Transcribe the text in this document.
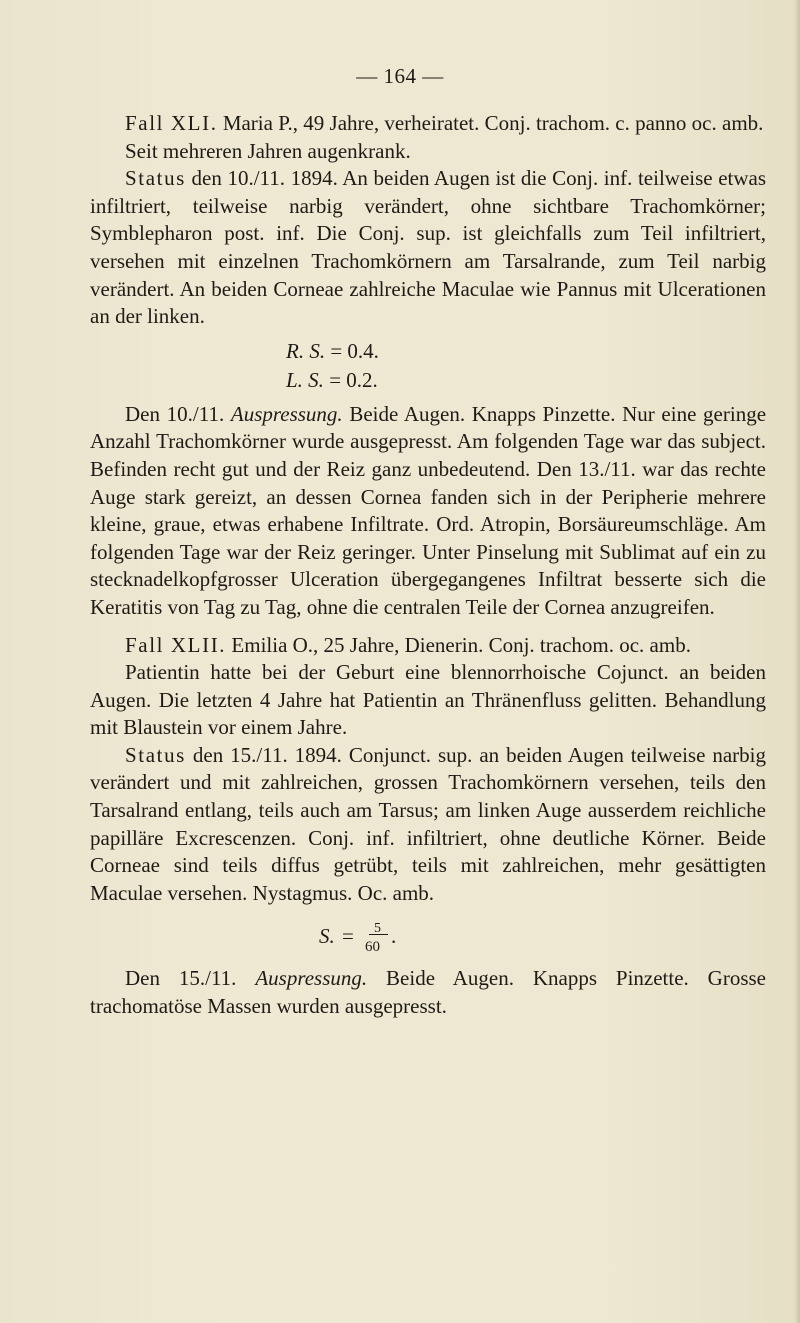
— 164 —

Fall XLI. Maria P., 49 Jahre, verheiratet. Conj. trachom. c. panno oc. amb.

Seit mehreren Jahren augenkrank.

Status den 10./11. 1894. An beiden Augen ist die Conj. inf. teilweise etwas infiltriert, teilweise narbig verändert, ohne sichtbare Trachomkörner; Symblepharon post. inf. Die Conj. sup. ist gleichfalls zum Teil infiltriert, versehen mit einzelnen Trachomkörnern am Tarsalrande, zum Teil narbig verändert. An beiden Corneae zahlreiche Maculae wie Pannus mit Ulcerationen an der linken.

R. S. = 0.4.
L. S. = 0.2.

Den 10./11. Auspressung. Beide Augen. Knapps Pinzette. Nur eine geringe Anzahl Trachomkörner wurde ausgepresst. Am folgenden Tage war das subject. Befinden recht gut und der Reiz ganz unbedeutend. Den 13./11. war das rechte Auge stark gereizt, an dessen Cornea fanden sich in der Peripherie mehrere kleine, graue, etwas erhabene Infiltrate. Ord. Atropin, Borsäureumschläge. Am folgenden Tage war der Reiz geringer. Unter Pinselung mit Sublimat auf ein zu stecknadelkopfgrosser Ulceration übergegangenes Infiltrat besserte sich die Keratitis von Tag zu Tag, ohne die centralen Teile der Cornea anzugreifen.

Fall XLII. Emilia O., 25 Jahre, Dienerin. Conj. trachom. oc. amb.

Patientin hatte bei der Geburt eine blennorrhoische Cojunct. an beiden Augen. Die letzten 4 Jahre hat Patientin an Thränenfluss gelitten. Behandlung mit Blaustein vor einem Jahre.

Status den 15./11. 1894. Conjunct. sup. an beiden Augen teilweise narbig verändert und mit zahlreichen, grossen Trachomkörnern versehen, teils den Tarsalrand entlang, teils auch am Tarsus; am linken Auge ausserdem reichliche papilläre Excrescenzen. Conj. inf. infiltriert, ohne deutliche Körner. Beide Corneae sind teils diffus getrübt, teils mit zahlreichen, mehr gesättigten Maculae versehen. Nystagmus. Oc. amb.

S. = 5
60 .

Den 15./11. Auspressung. Beide Augen. Knapps Pinzette. Grosse trachomatöse Massen wurden ausgepresst.
